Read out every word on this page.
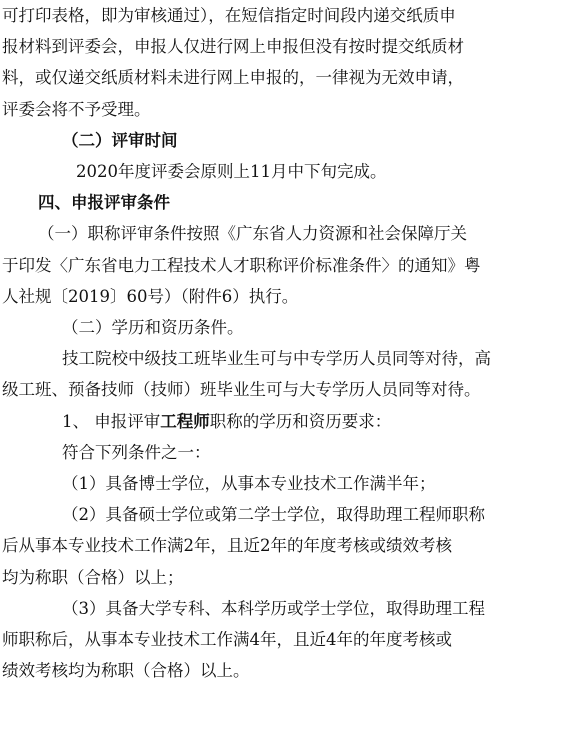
可打印表格，即为审核通过），在短信指定时间段内递交纸质申
报材料到评委会，申报人仅进行网上申报但没有按时提交纸质材
料，或仅递交纸质材料未进行网上申报的，一律视为无效申请，
评委会将不予受理。
（二）评审时间
2020年度评委会原则上11月中下旬完成。
四、申报评审条件
（一）职称评审条件按照《广东省人力资源和社会保障厅关
于印发〈广东省电力工程技术人才职称评价标准条件〉的通知》粤
人社规〔2019〕60号）（附件6）执行。
（二）学历和资历条件。
技工院校中级技工班毕业生可与中专学历人员同等对待，高
级工班、预备技师（技师）班毕业生可与大专学历人员同等对待。
1、 申报评审工程师职称的学历和资历要求：
符合下列条件之一：
（1）具备博士学位，从事本专业技术工作满半年；
（2）具备硕士学位或第二学士学位，取得助理工程师职称
后从事本专业技术工作满2年，且近2年的年度考核或绩效考核
均为称职（合格）以上；
（3）具备大学专科、本科学历或学士学位，取得助理工程
师职称后，从事本专业技术工作满4年，且近4年的年度考核或
绩效考核均为称职（合格）以上。
